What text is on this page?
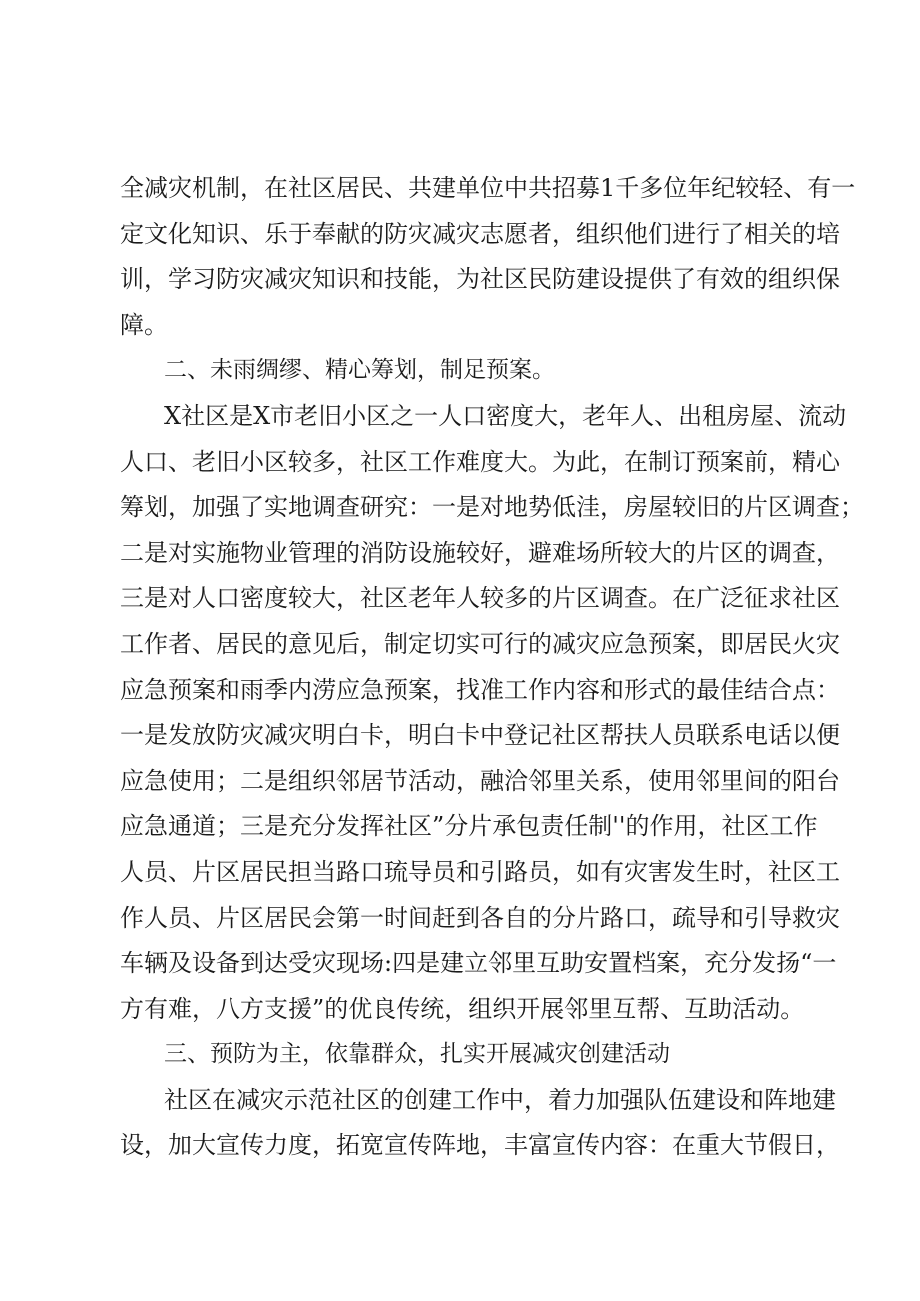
全减灾机制，在社区居民、共建单位中共招募1千多位年纪较轻、有一
定文化知识、乐于奉献的防灾减灾志愿者，组织他们进行了相关的培
训，学习防灾减灾知识和技能，为社区民防建设提供了有效的组织保
障。
二、未雨绸缪、精心筹划，制足预案。
X社区是X市老旧小区之一人口密度大，老年人、出租房屋、流动
人口、老旧小区较多，社区工作难度大。为此，在制订预案前，精心
筹划，加强了实地调查研究：一是对地势低洼，房屋较旧的片区调查；
二是对实施物业管理的消防设施较好，避难场所较大的片区的调查，
三是对人口密度较大，社区老年人较多的片区调查。在广泛征求社区
工作者、居民的意见后，制定切实可行的减灾应急预案，即居民火灾
应急预案和雨季内涝应急预案，找准工作内容和形式的最佳结合点：
一是发放防灾减灾明白卡，明白卡中登记社区帮扶人员联系电话以便
应急使用；二是组织邻居节活动，融洽邻里关系，使用邻里间的阳台
应急通道；三是充分发挥社区”分片承包责任制''的作用，社区工作
人员、片区居民担当路口琉导员和引路员，如有灾害发生时，社区工
作人员、片区居民会第一时间赶到各自的分片路口，疏导和引导救灾
车辆及设备到达受灾现场:四是建立邻里互助安置档案，充分发扬“一
方有难，八方支援”的优良传统，组织开展邻里互帮、互助活动。
三、预防为主，依靠群众，扎实开展减灾创建活动
社区在减灾示范社区的创建工作中，着力加强队伍建设和阵地建
设，加大宣传力度，拓宽宣传阵地，丰富宣传内容：在重大节假日，
